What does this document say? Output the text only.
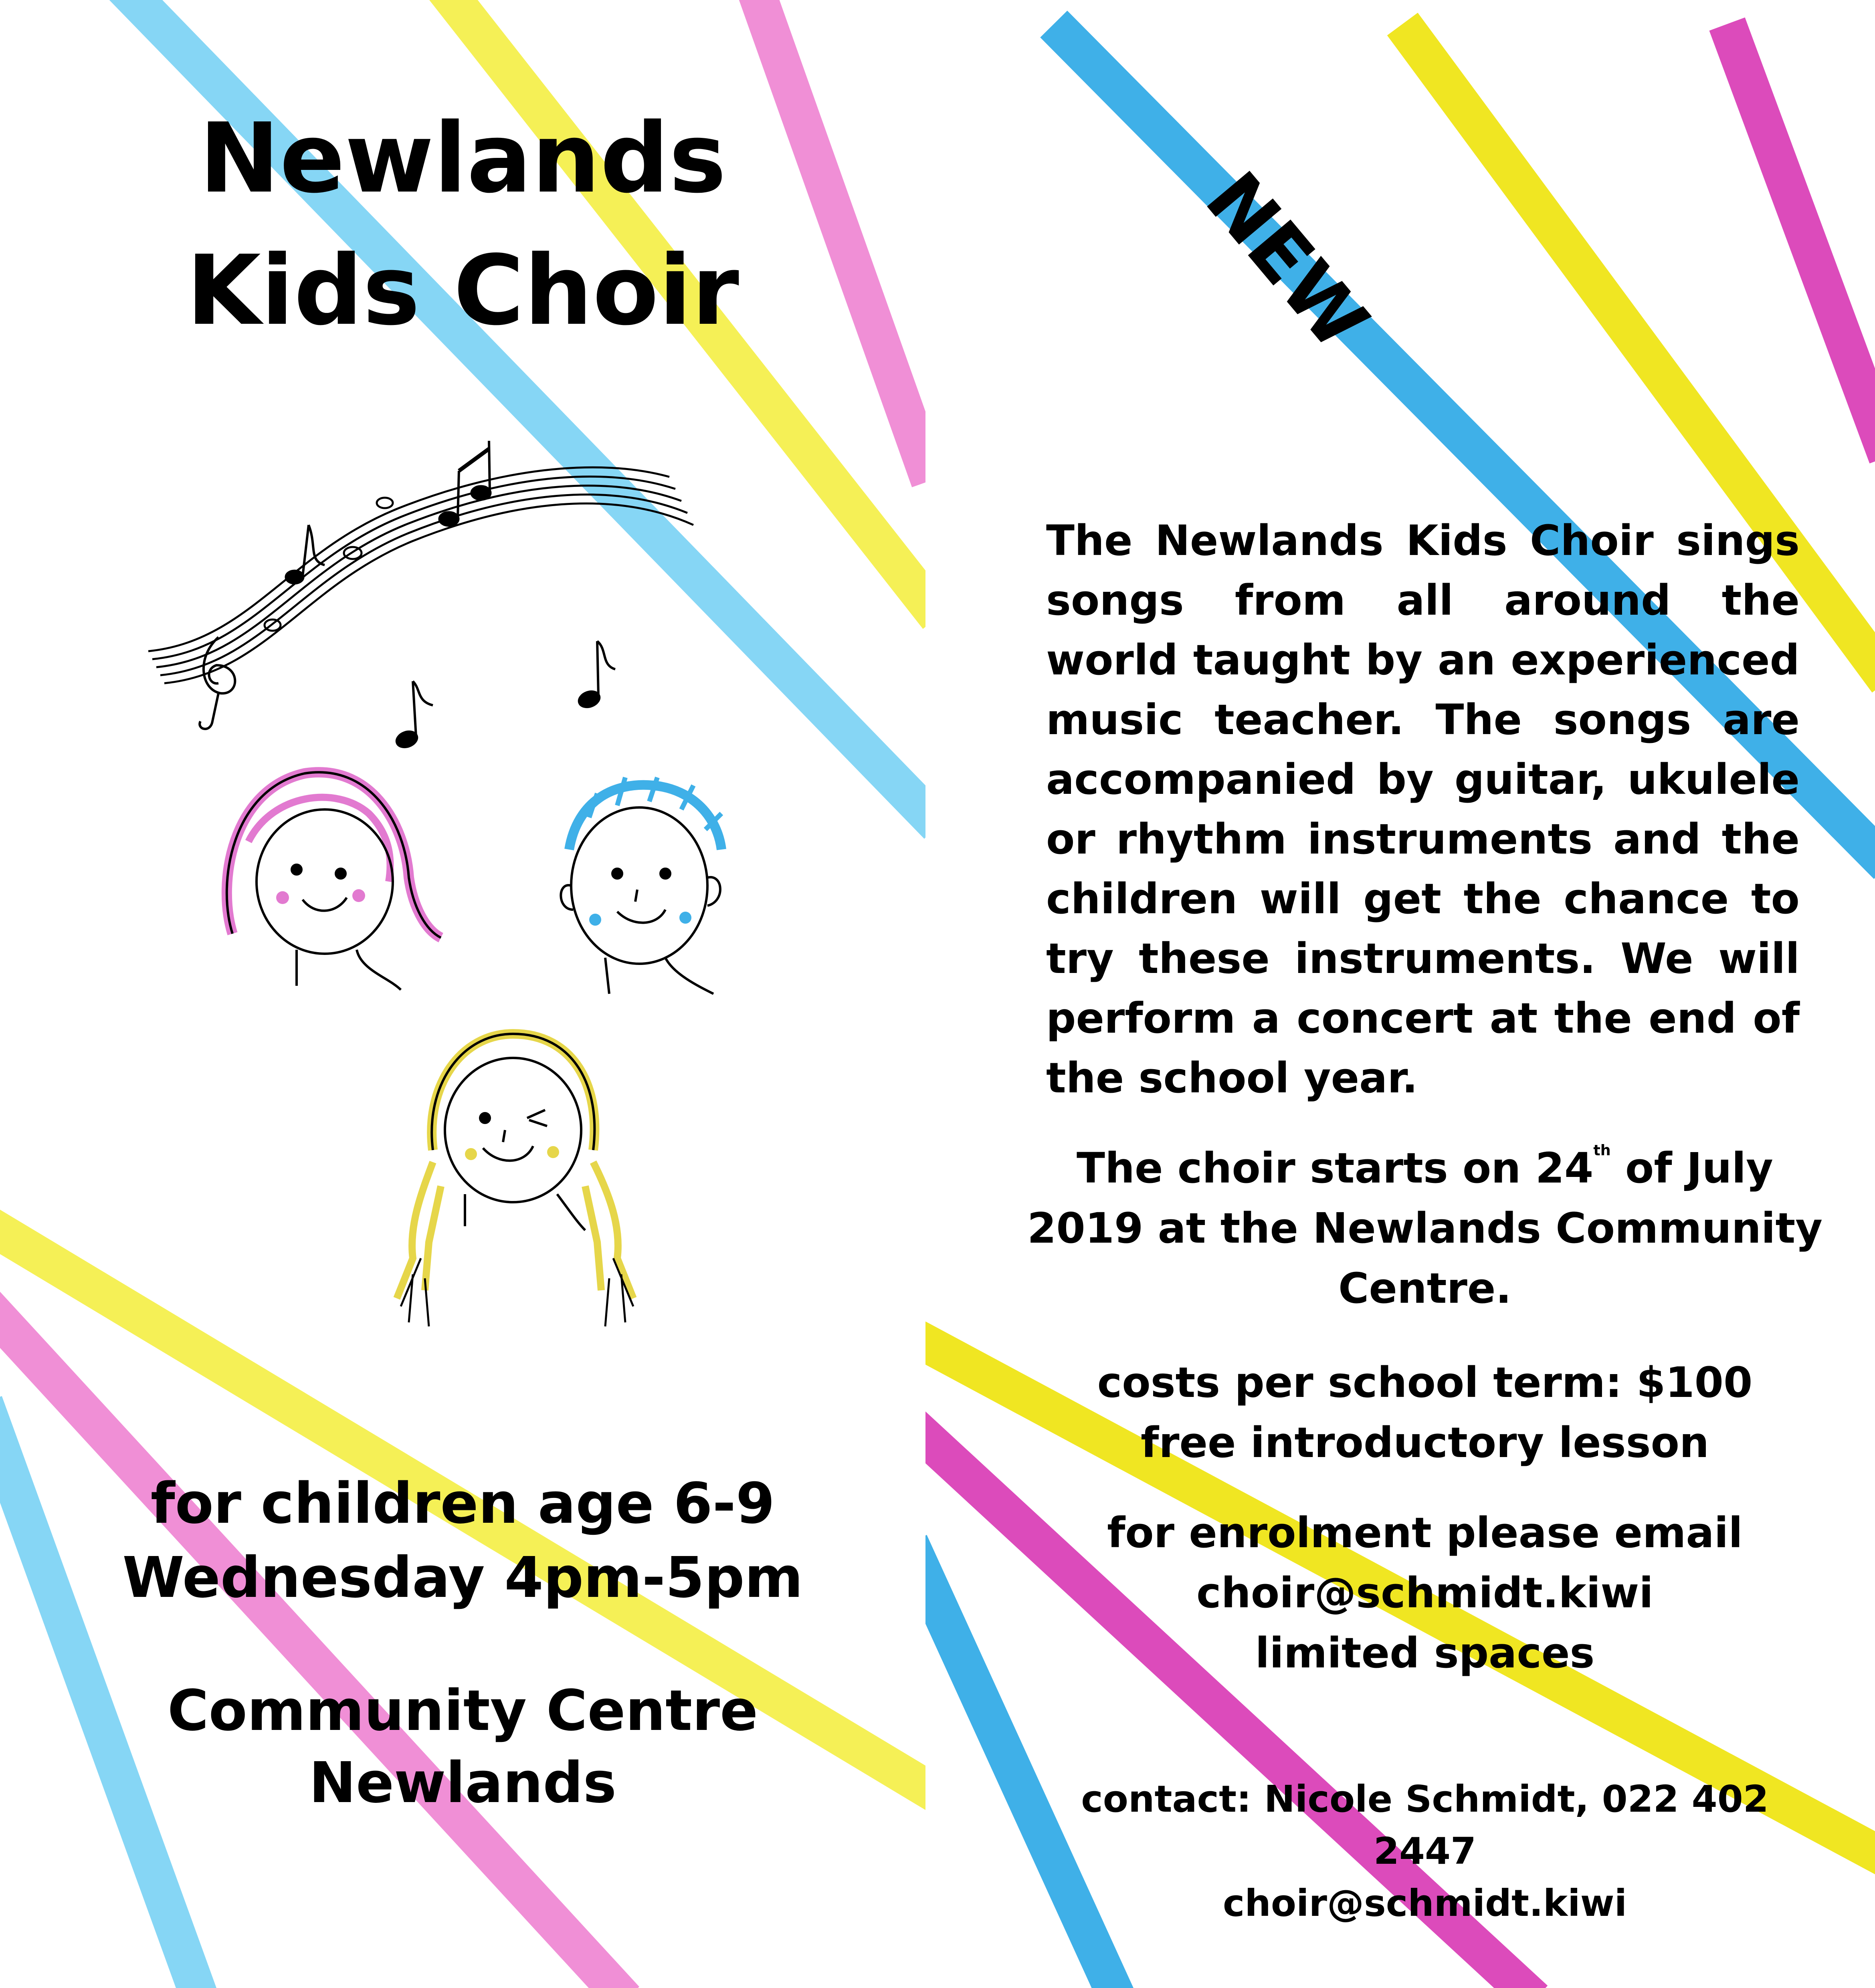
Newlands
Kids Choir

for children age 6-9
Wednesday 4pm-5pm

Community Centre
Newlands

NEW

The Newlands Kids Choir sings songs from all around the world taught by an experienced music teacher. The songs are accompanied by guitar, ukulele or rhythm instruments and the children will get the chance to try these instruments. We will perform a concert at the end of the school year.

The choir starts on 24th of July 2019 at the Newlands Community Centre.

costs per school term: $100
free introductory lesson

for enrolment please email
choir@schmidt.kiwi
limited spaces

contact: Nicole Schmidt, 022 402 2447
choir@schmidt.kiwi
